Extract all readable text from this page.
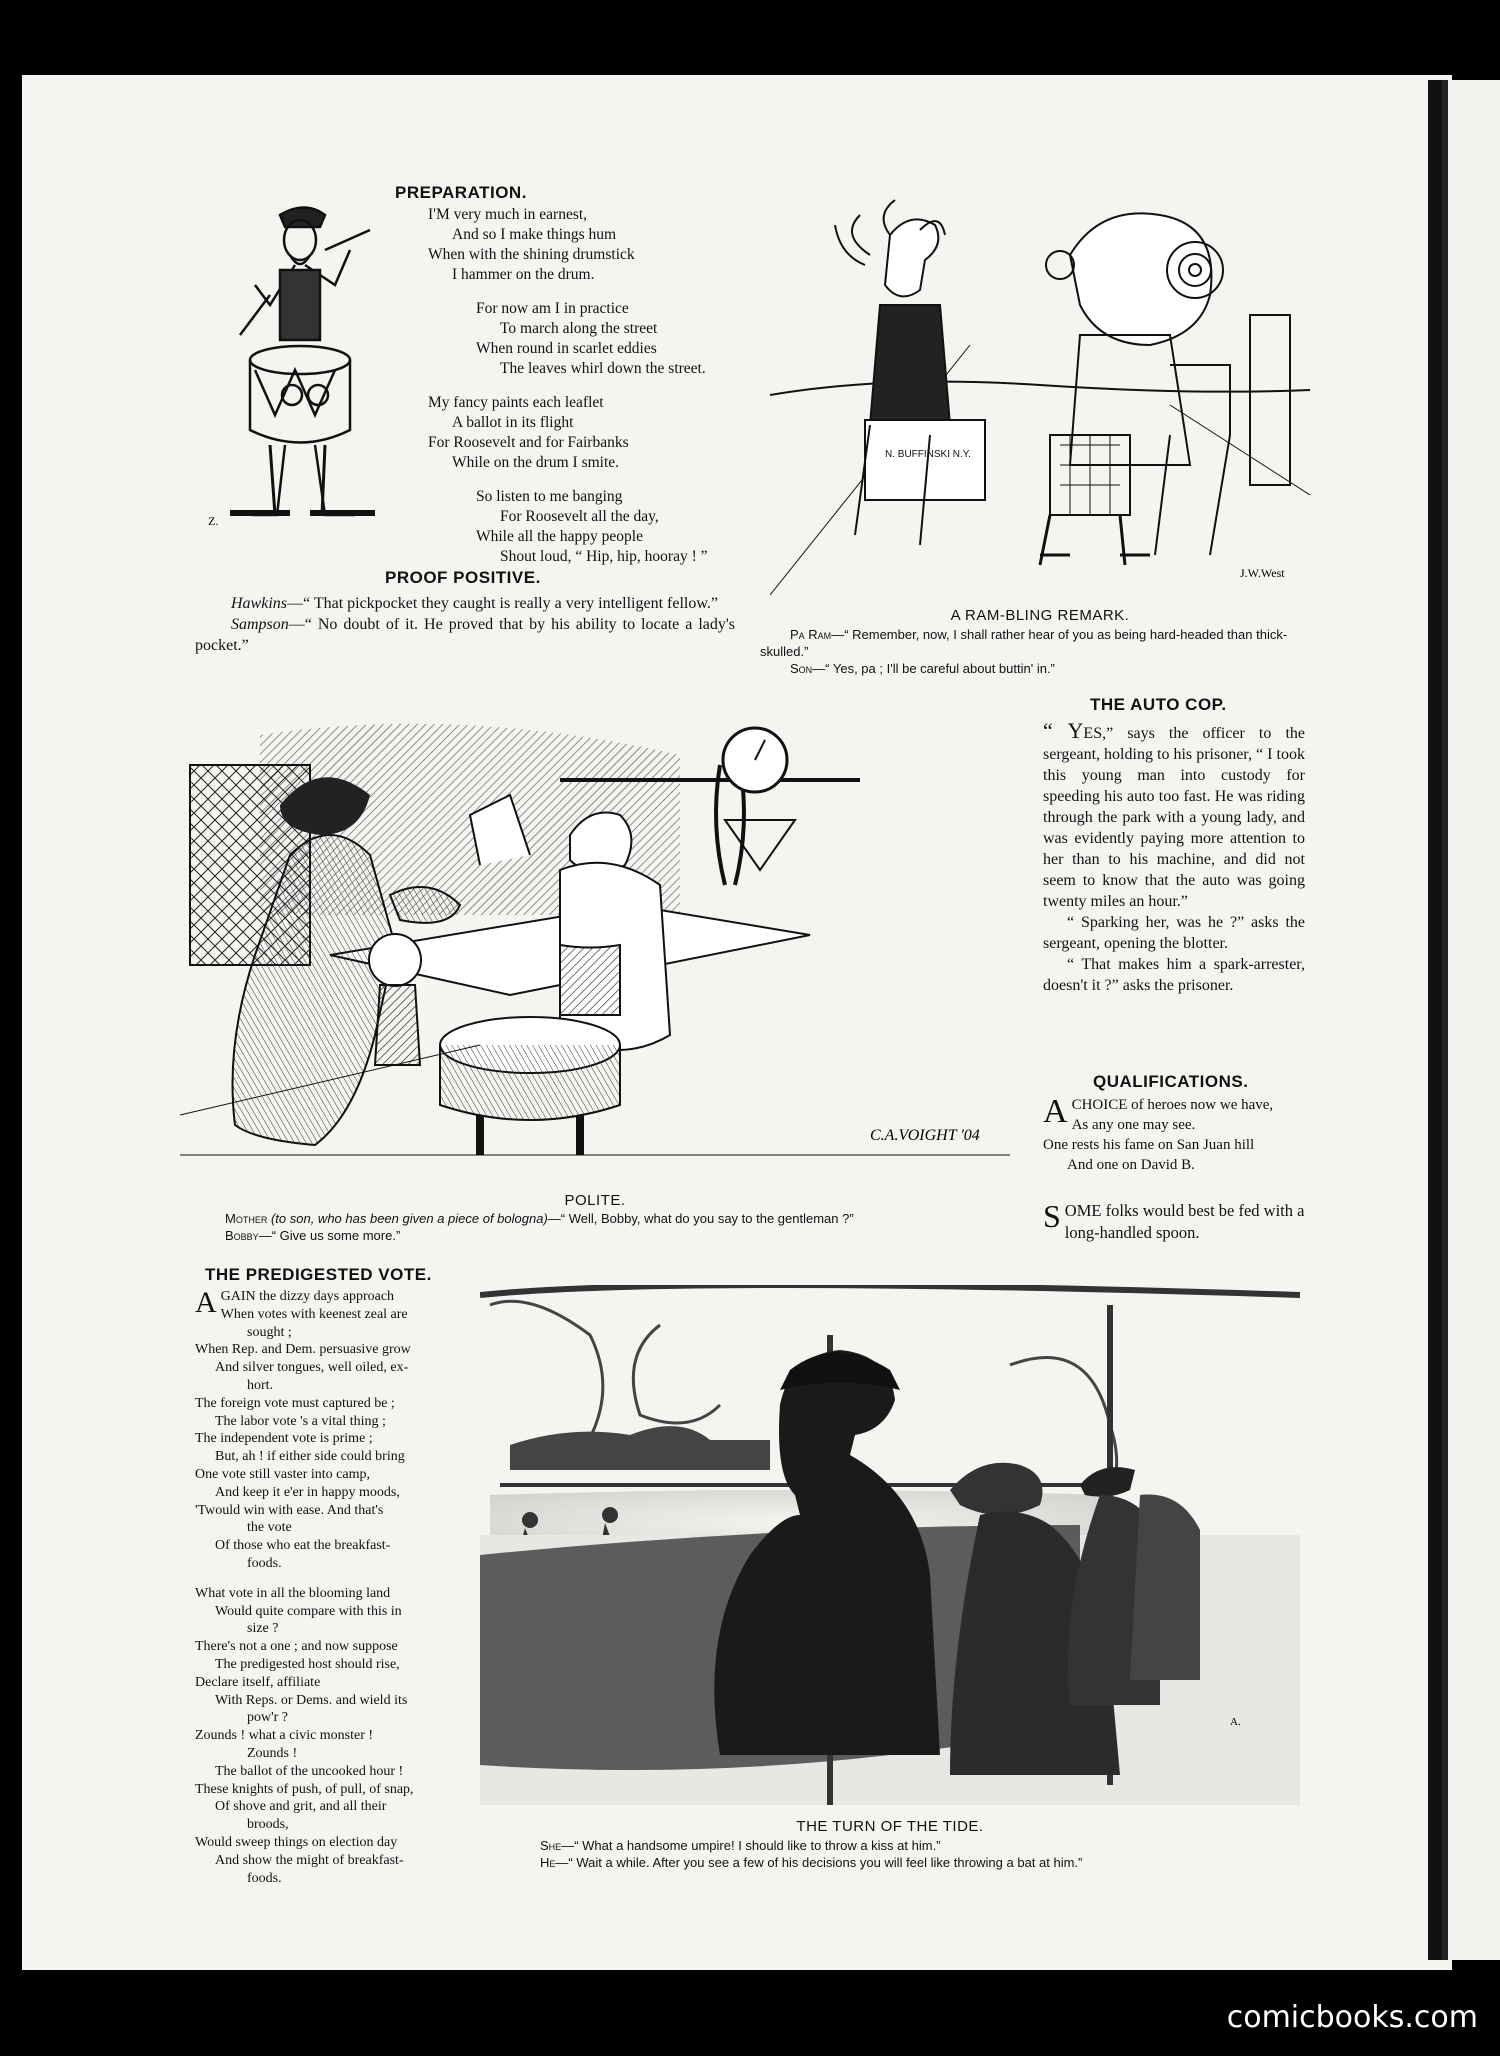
Z.
PREPARATION.
I'M very much in earnest,
And so I make things hum
When with the shining drumstick
I hammer on the drum.
For now am I in practice
To march along the street
When round in scarlet eddies
The leaves whirl down the street.
My fancy paints each leaflet
A ballot in its flight
For Roosevelt and for Fairbanks
While on the drum I smite.
So listen to me banging
For Roosevelt all the day,
While all the happy people
Shout loud, “ Hip, hip, hooray ! ”
PROOF POSITIVE.
Hawkins—“ That pickpocket they caught is really a very intelligent fellow.”
Sampson—“ No doubt of it. He proved that by his ability to locate a lady's pocket.”
N. BUFFINSKI N.Y.
J.W.West
A RAM-BLING REMARK.
Pa Ram—“ Remember, now, I shall rather hear of you as being hard-headed than thick-skulled.”
Son—“ Yes, pa ; I'll be careful about buttin' in.”
C.A.VOIGHT '04
POLITE.
Mother (to son, who has been given a piece of bologna)—“ Well, Bobby, what do you say to the gentleman ?”
Bobby—“ Give us some more.”
THE AUTO COP.
“ YES,” says the officer to the sergeant, holding to his prisoner, “ I took this young man into custody for speeding his auto too fast. He was riding through the park with a young lady, and was evidently paying more attention to her than to his machine, and did not seem to know that the auto was going twenty miles an hour.”
“ Sparking her, was he ?” asks the sergeant, opening the blotter.
“ That makes him a spark-arrester, doesn't it ?” asks the prisoner.
QUALIFICATIONS.
A CHOICE of heroes now we have,
As any one may see.
One rests his fame on San Juan hill
And one on David B.
SOME folks would best be fed with a long-handled spoon.
THE PREDIGESTED VOTE.
A GAIN the dizzy days approach
When votes with keenest zeal are
sought ;
When Rep. and Dem. persuasive grow
And silver tongues, well oiled, ex-
hort.
The foreign vote must captured be ;
The labor vote 's a vital thing ;
The independent vote is prime ;
But, ah ! if either side could bring
One vote still vaster into camp,
And keep it e'er in happy moods,
'Twould win with ease. And that's
the vote
Of those who eat the breakfast-
foods.
What vote in all the blooming land
Would quite compare with this in
size ?
There's not a one ; and now suppose
The predigested host should rise,
Declare itself, affiliate
With Reps. or Dems. and wield its
pow'r ?
Zounds ! what a civic monster !
Zounds !
The ballot of the uncooked hour !
These knights of push, of pull, of snap,
Of shove and grit, and all their
broods,
Would sweep things on election day
And show the might of breakfast-
foods.
A.
THE TURN OF THE TIDE.
She—“ What a handsome umpire! I should like to throw a kiss at him.”
He—“ Wait a while. After you see a few of his decisions you will feel like throwing a bat at him.”
comicbooks.com
